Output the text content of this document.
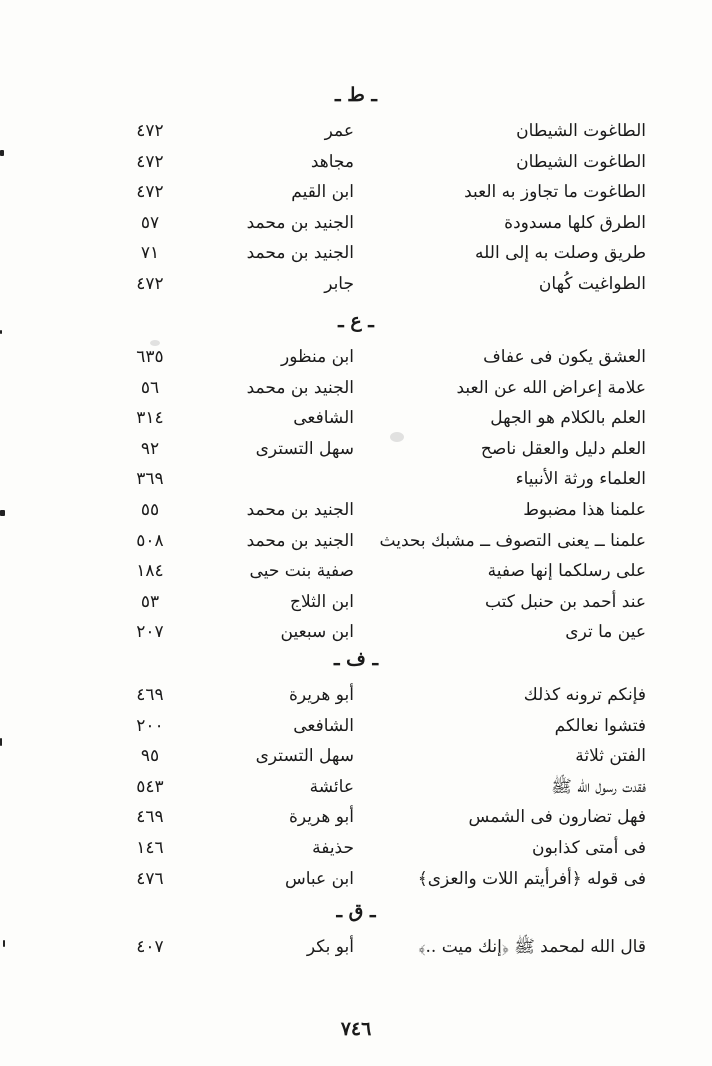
ـ ط ـ
الطاغوت الشيطان
عمر
٤٧٢
الطاغوت الشيطان
مجاهد
٤٧٢
الطاغوت ما تجاوز به العبد
ابن القيم
٤٧٢
الطرق كلها مسدودة
الجنيد بن محمد
٥٧
طريق وصلت به إلى الله
الجنيد بن محمد
٧١
الطواغيت كُهان
جابر
٤٧٢
ـ ع ـ
العشق يكون فى عفاف
ابن منظور
٦٣٥
علامة إعراض الله عن العبد
الجنيد بن محمد
٥٦
العلم بالكلام هو الجهل
الشافعى
٣١٤
العلم دليل والعقل ناصح
سهل التسترى
٩٢
العلماء ورثة الأنبياء
٣٦٩
علمنا هذا مضبوط
الجنيد بن محمد
٥٥
علمنا ــ يعنى التصوف ــ مشبك بحديث
الجنيد بن محمد
٥٠٨
على رسلكما إنها صفية
صفية بنت حيى
١٨٤
عند أحمد بن حنبل كتب
ابن الثلاج
٥٣
عين ما ترى
ابن سبعين
٢٠٧
ـ ف ـ
فإنكم ترونه كذلك
أبو هريرة
٤٦٩
فتشوا نعالكم
الشافعى
٢٠٠
الفتن ثلاثة
سهل التسترى
٩٥
فقدت رسول الله ﷺ
عائشة
٥٤٣
فهل تضارون فى الشمس
أبو هريرة
٤٦٩
فى أمتى كذابون
حذيفة
١٤٦
فى قوله ﴿أفرأيتم اللات والعزى﴾
ابن عباس
٤٧٦
ـ ق ـ
قال الله لمحمد ﷺ ﴿إنك ميت ..﴾
أبو بكر
٤٠٧
٧٤٦
